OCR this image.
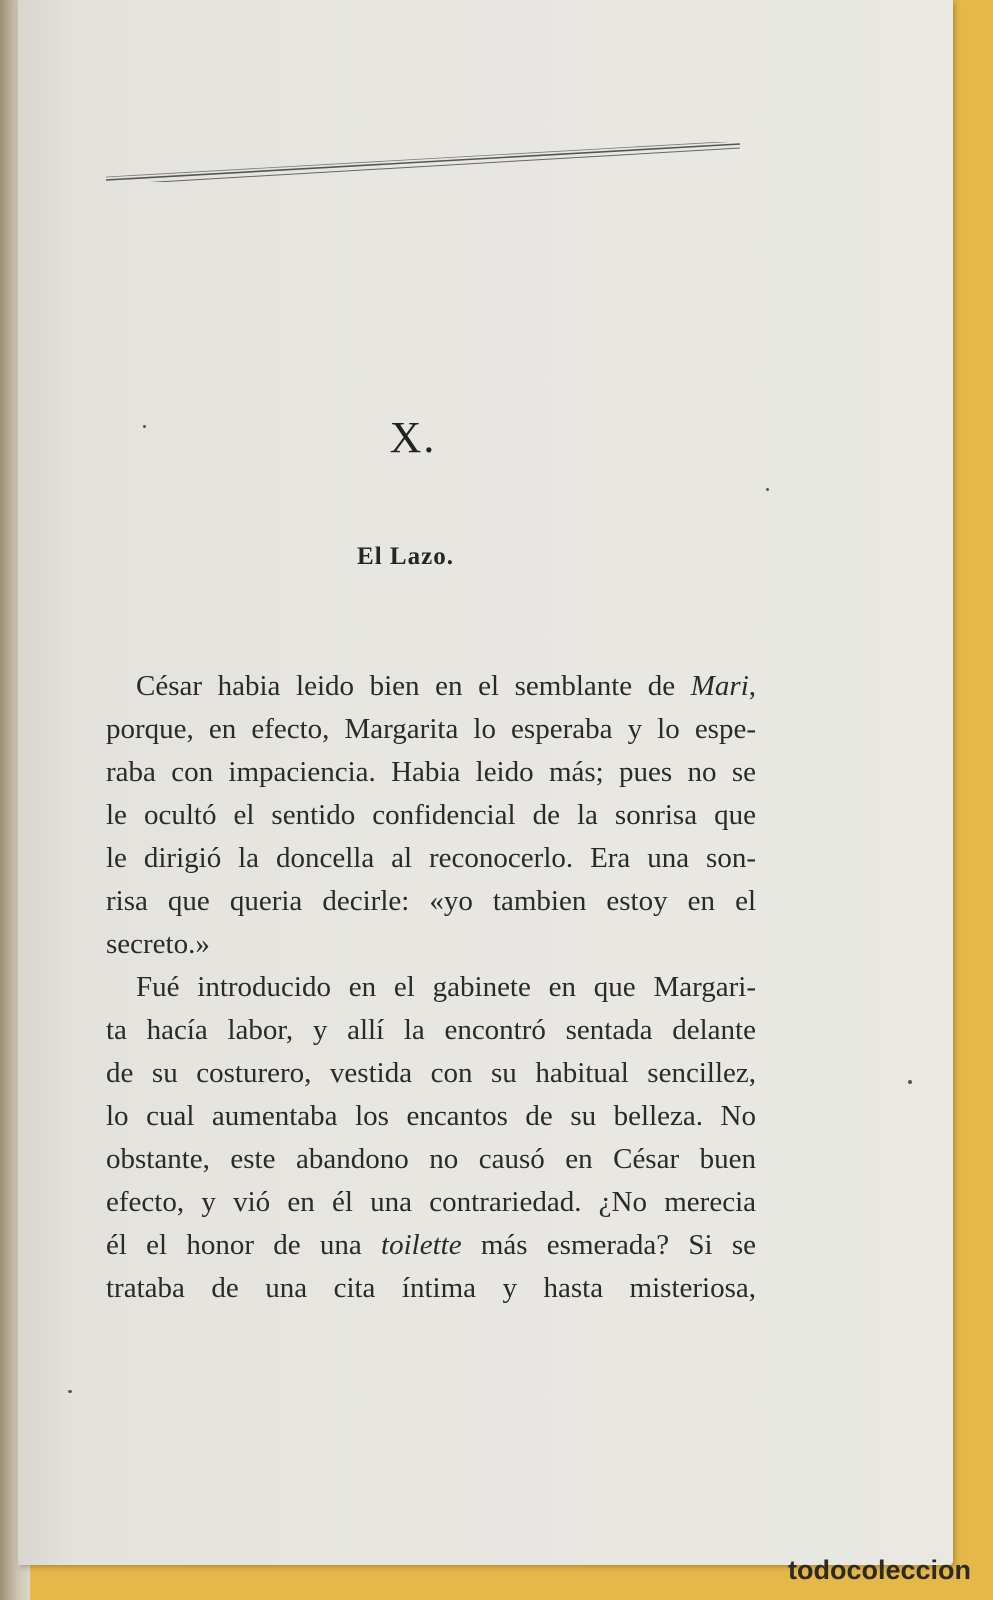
X.
El Lazo.
César habia leido bien en el semblante de Mari,
porque, en efecto, Margarita lo esperaba y lo espe-
raba con impaciencia. Habia leido más; pues no se
le ocultó el sentido confidencial de la sonrisa que
le dirigió la doncella al reconocerlo. Era una son-
risa que queria decirle: «yo tambien estoy en el
secreto.»
Fué introducido en el gabinete en que Margari-
ta hacía labor, y allí la encontró sentada delante
de su costurero, vestida con su habitual sencillez,
lo cual aumentaba los encantos de su belleza. No
obstante, este abandono no causó en César buen
efecto, y vió en él una contrariedad. ¿No merecia
él el honor de una toilette más esmerada? Si se
trataba de una cita íntima y hasta misteriosa,
todocoleccion
